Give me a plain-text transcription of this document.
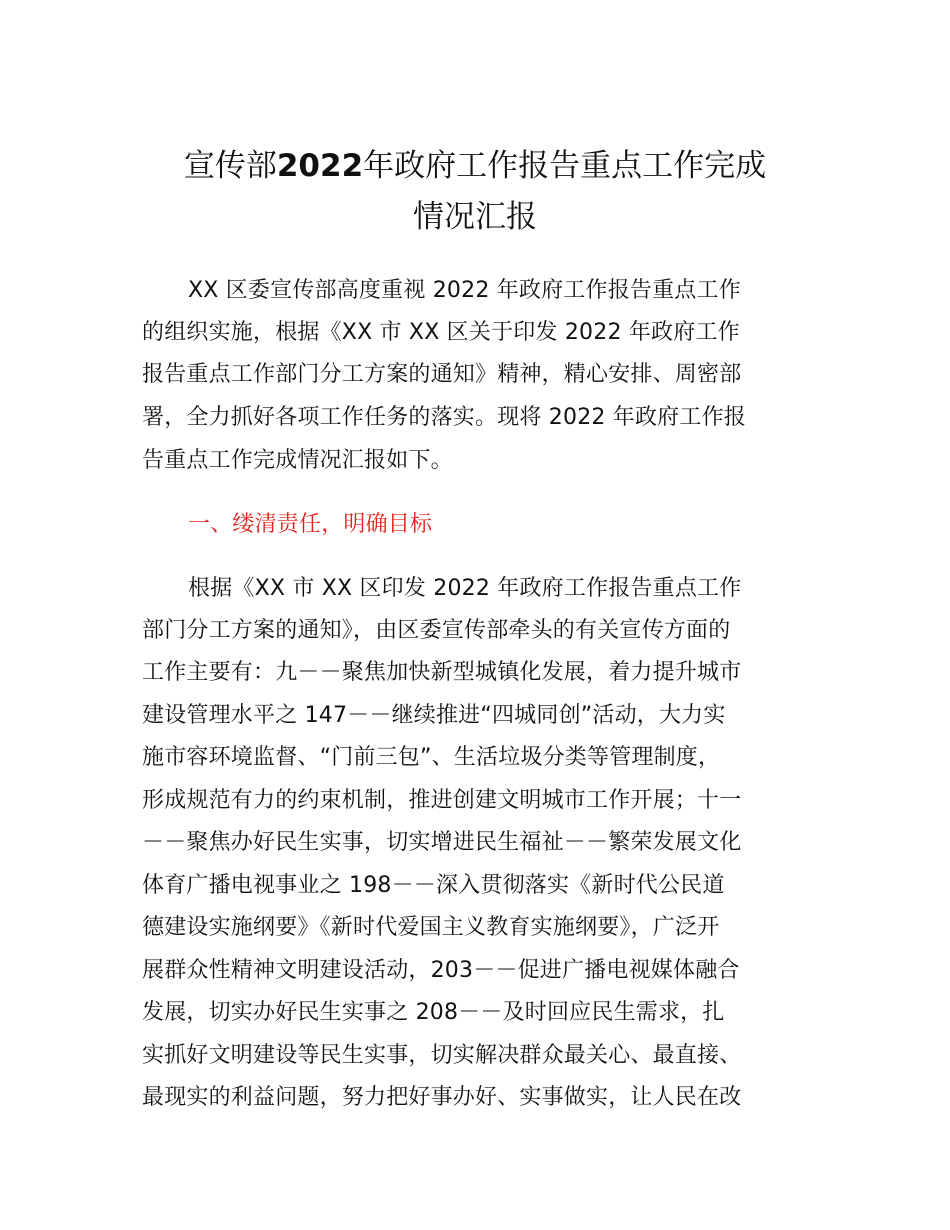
宣传部2022年政府工作报告重点工作完成
情况汇报
XX 区委宣传部高度重视 2022 年政府工作报告重点工作
的组织实施，根据《XX 市 XX 区关于印发 2022 年政府工作
报告重点工作部门分工方案的通知》精神，精心安排、周密部
署，全力抓好各项工作任务的落实。现将 2022 年政府工作报
告重点工作完成情况汇报如下。
一、缕清责任，明确目标
根据《XX 市 XX 区印发 2022 年政府工作报告重点工作
部门分工方案的通知》，由区委宣传部牵头的有关宣传方面的
工作主要有：九－－聚焦加快新型城镇化发展，着力提升城市
建设管理水平之 147－－继续推进“四城同创”活动，大力实
施市容环境监督、“门前三包”、生活垃圾分类等管理制度，
形成规范有力的约束机制，推进创建文明城市工作开展；十一
－－聚焦办好民生实事，切实增进民生福祉－－繁荣发展文化
体育广播电视事业之 198－－深入贯彻落实《新时代公民道
德建设实施纲要》《新时代爱国主义教育实施纲要》，广泛开
展群众性精神文明建设活动，203－－促进广播电视媒体融合
发展，切实办好民生实事之 208－－及时回应民生需求，扎
实抓好文明建设等民生实事，切实解决群众最关心、最直接、
最现实的利益问题，努力把好事办好、实事做实，让人民在改
